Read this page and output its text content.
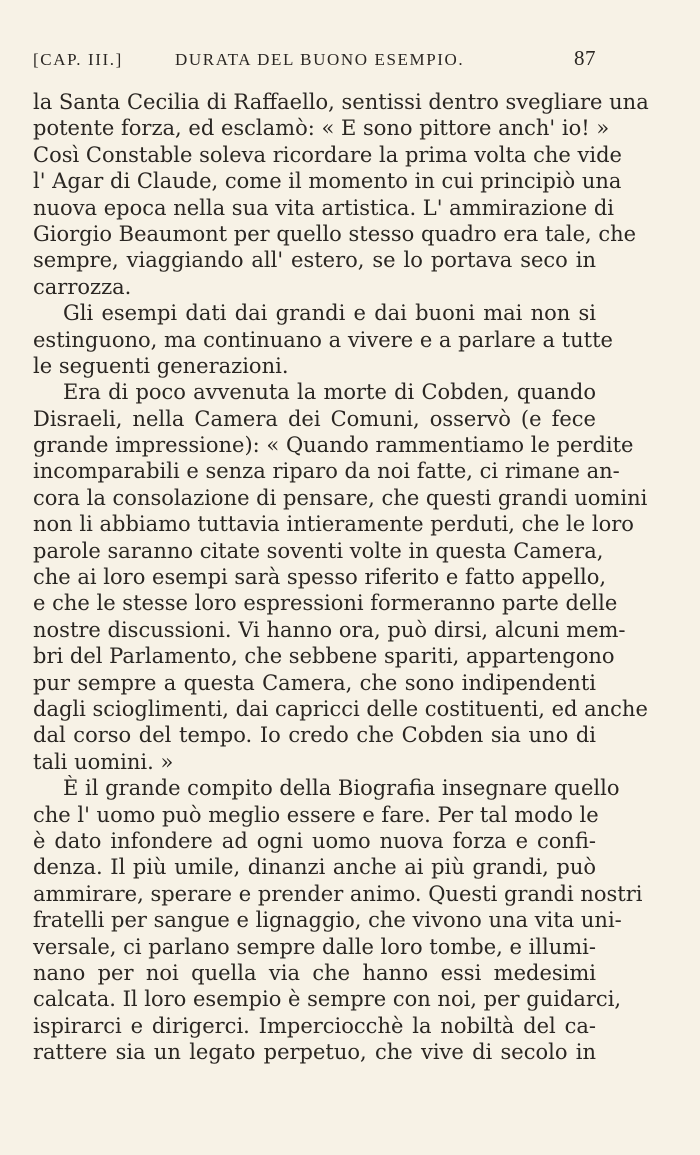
[CAP. III.]	DURATA DEL BUONO ESEMPIO.	87
la Santa Cecilia di Raffaello, sentissi dentro svegliare una
potente forza, ed esclamò: « E sono pittore anch' io! »
Così Constable soleva ricordare la prima volta che vide
l' Agar di Claude, come il momento in cui principiò una
nuova epoca nella sua vita artistica. L' ammirazione di
Giorgio Beaumont per quello stesso quadro era tale, che
sempre, viaggiando all' estero, se lo portava seco in
carrozza.
Gli esempi dati dai grandi e dai buoni mai non si
estinguono, ma continuano a vivere e a parlare a tutte
le seguenti generazioni.
Era di poco avvenuta la morte di Cobden, quando
Disraeli, nella Camera dei Comuni, osservò (e fece
grande impressione): « Quando rammentiamo le perdite
incomparabili e senza riparo da noi fatte, ci rimane an-
cora la consolazione di pensare, che questi grandi uomini
non li abbiamo tuttavia intieramente perduti, che le loro
parole saranno citate soventi volte in questa Camera,
che ai loro esempi sarà spesso riferito e fatto appello,
e che le stesse loro espressioni formeranno parte delle
nostre discussioni. Vi hanno ora, può dirsi, alcuni mem-
bri del Parlamento, che sebbene spariti, appartengono
pur sempre a questa Camera, che sono indipendenti
dagli scioglimenti, dai capricci delle costituenti, ed anche
dal corso del tempo. Io credo che Cobden sia uno di
tali uomini. »
È il grande compito della Biografia insegnare quello
che l' uomo può meglio essere e fare. Per tal modo le
è dato infondere ad ogni uomo nuova forza e confi-
denza. Il più umile, dinanzi anche ai più grandi, può
ammirare, sperare e prender animo. Questi grandi nostri
fratelli per sangue e lignaggio, che vivono una vita uni-
versale, ci parlano sempre dalle loro tombe, e illumi-
nano per noi quella via che hanno essi medesimi
calcata. Il loro esempio è sempre con noi, per guidarci,
ispirarci e dirigerci. Imperciocchè la nobiltà del ca-
rattere sia un legato perpetuo, che vive di secolo in
